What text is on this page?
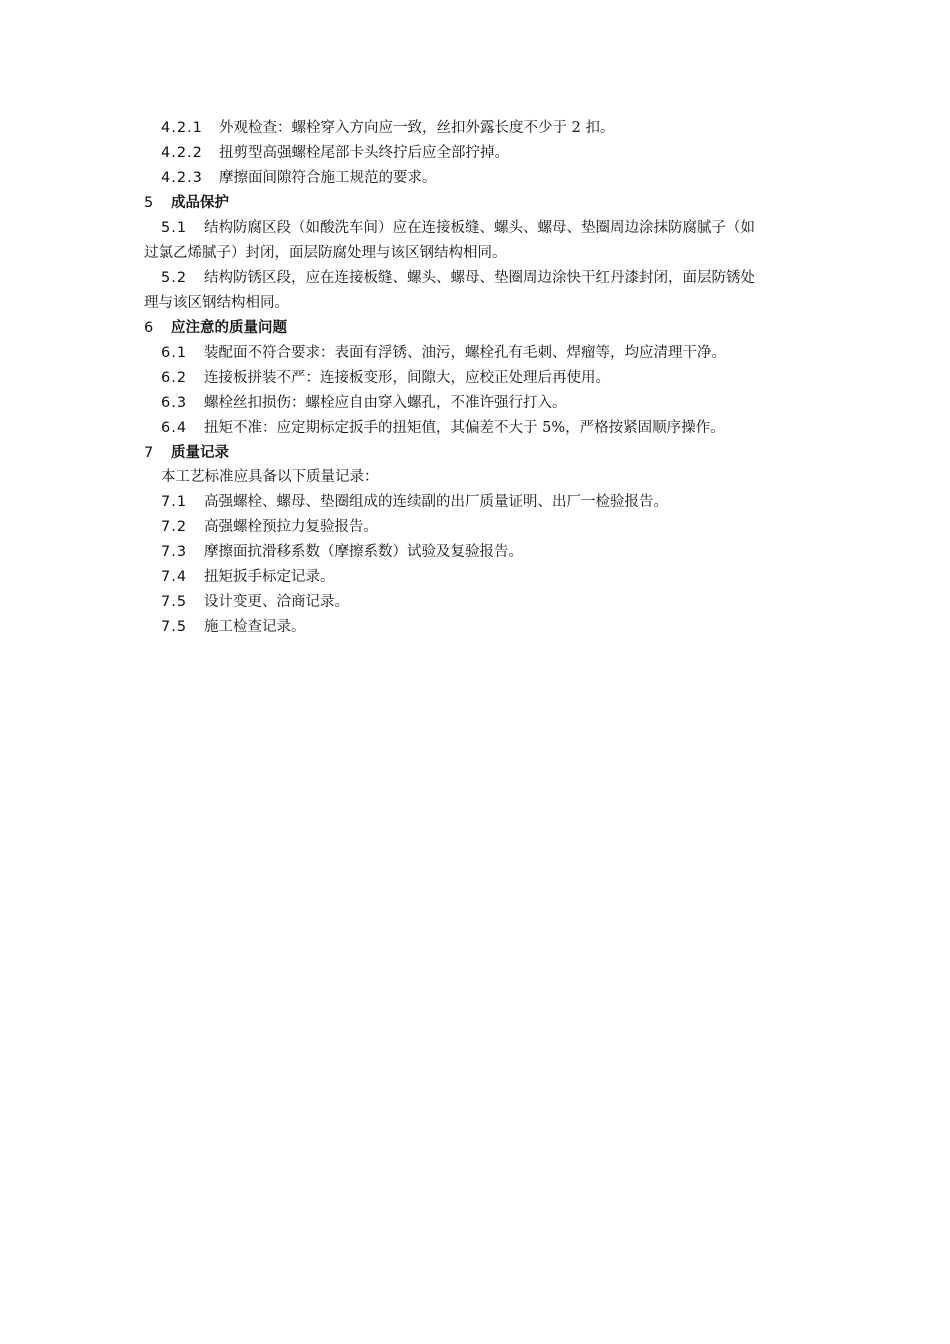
4.2.1 外观检查：螺栓穿入方向应一致，丝扣外露长度不少于 2 扣。
4.2.2 扭剪型高强螺栓尾部卡头终拧后应全部拧掉。
4.2.3 摩擦面间隙符合施工规范的要求。
5 成品保护
5.1 结构防腐区段（如酸洗车间）应在连接板缝、螺头、螺母、垫圈周边涂抹防腐腻子（如
过氯乙烯腻子）封闭，面层防腐处理与该区钢结构相同。
5.2 结构防锈区段，应在连接板缝、螺头、螺母、垫圈周边涂快干红丹漆封闭，面层防锈处
理与该区钢结构相同。
6 应注意的质量问题
6.1 装配面不符合要求：表面有浮锈、油污，螺栓孔有毛刺、焊瘤等，均应清理干净。
6.2 连接板拼装不严：连接板变形，间隙大，应校正处理后再使用。
6.3 螺栓丝扣损伤：螺栓应自由穿入螺孔，不准许强行打入。
6.4 扭矩不准：应定期标定扳手的扭矩值，其偏差不大于 5%，严格按紧固顺序操作。
7 质量记录
本工艺标准应具备以下质量记录：
7.1 高强螺栓、螺母、垫圈组成的连续副的出厂质量证明、出厂一检验报告。
7.2 高强螺栓预拉力复验报告。
7.3 摩擦面抗滑移系数（摩擦系数）试验及复验报告。
7.4 扭矩扳手标定记录。
7.5 设计变更、洽商记录。
7.5 施工检查记录。
